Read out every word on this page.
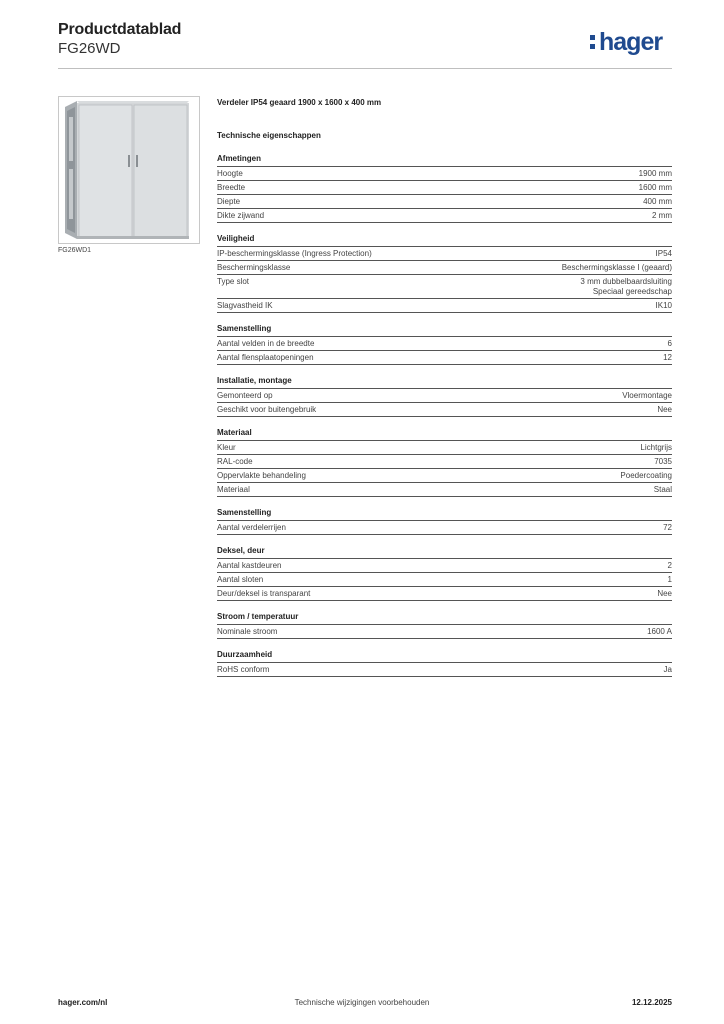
Productdatablad
FG26WD	hager
FG26WD1
Verdeler IP54 geaard 1900 x 1600 x 400 mm
Technische eigenschappen
Afmetingen
Hoogte	1900 mm
Breedte	1600 mm
Diepte	400 mm
Dikte zijwand	2 mm
Veiligheid
IP-beschermingsklasse (Ingress Protection)	IP54
Beschermingsklasse	Beschermingsklasse I (geaard)
Type slot	3 mm dubbelbaardsluiting
Speciaal gereedschap
Slagvastheid IK	IK10
Samenstelling
Aantal velden in de breedte	6
Aantal flensplaatopeningen	12
Installatie, montage
Gemonteerd op	Vloermontage
Geschikt voor buitengebruik	Nee
Materiaal
Kleur	Lichtgrijs
RAL-code	7035
Oppervlakte behandeling	Poedercoating
Materiaal	Staal
Samenstelling
Aantal verdelerrijen	72
Deksel, deur
Aantal kastdeuren	2
Aantal sloten	1
Deur/deksel is transparant	Nee
Stroom / temperatuur
Nominale stroom	1600 A
Duurzaamheid
RoHS conform	Ja
hager.com/nl	Technische wijzigingen voorbehouden	12.12.2025
